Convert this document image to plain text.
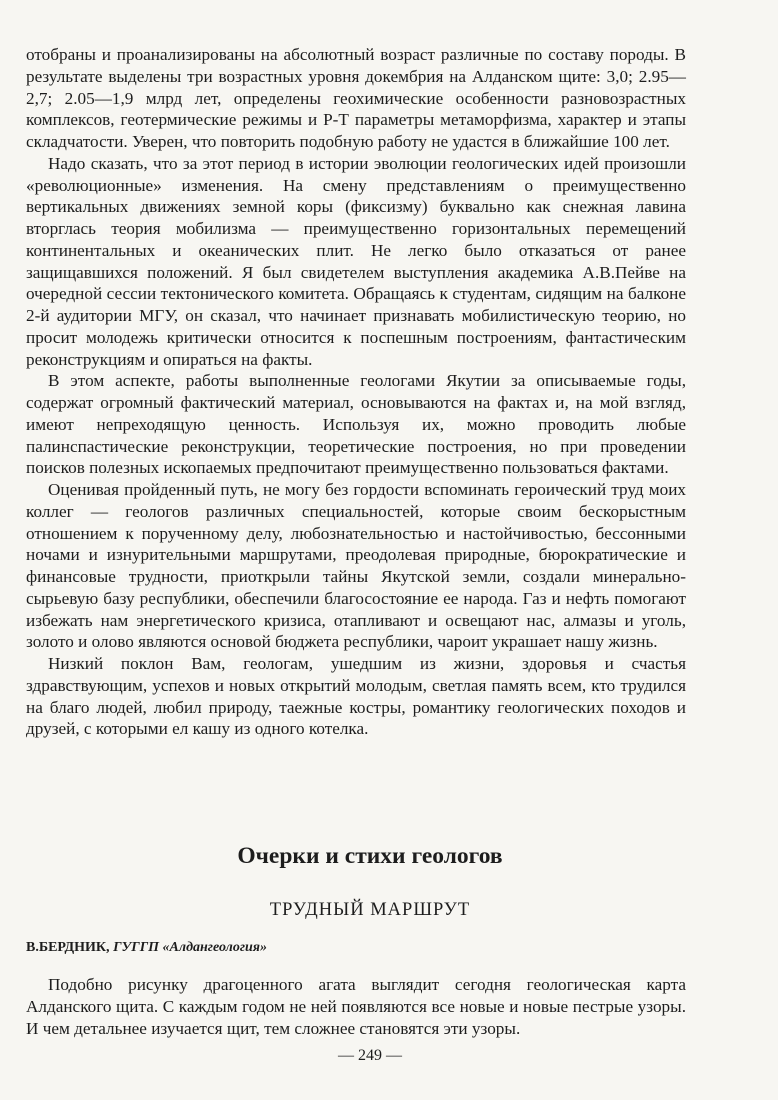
отобраны и проанализированы на абсолютный возраст различные по составу породы. В результате выделены три возрастных уровня докембрия на Алданском щите: 3,0; 2.95—2,7; 2.05—1,9 млрд лет, определены геохимические особенности разновозрастных комплексов, геотермические режимы и Р-Т параметры метаморфизма, характер и этапы складчатости. Уверен, что повторить подобную работу не удастся в ближайшие 100 лет.

Надо сказать, что за этот период в истории эволюции геологических идей произошли «революционные» изменения. На смену представлениям о преимущественно вертикальных движениях земной коры (фиксизму) буквально как снежная лавина вторглась теория мобилизма — преимущественно горизонтальных перемещений континентальных и океанических плит. Не легко было отказаться от ранее защищавшихся положений. Я был свидетелем выступления академика А.В.Пейве на очередной сессии тектонического комитета. Обращаясь к студентам, сидящим на балконе 2-й аудитории МГУ, он сказал, что начинает признавать мобилистическую теорию, но просит молодежь критически относится к поспешным построениям, фантастическим реконструкциям и опираться на факты.

В этом аспекте, работы выполненные геологами Якутии за описываемые годы, содержат огромный фактический материал, основываются на фактах и, на мой взгляд, имеют непреходящую ценность. Используя их, можно проводить любые палинспастические реконструкции, теоретические построения, но при проведении поисков полезных ископаемых предпочитают преимущественно пользоваться фактами.

Оценивая пройденный путь, не могу без гордости вспоминать героический труд моих коллег — геологов различных специальностей, которые своим бескорыстным отношением к порученному делу, любознательностью и настойчивостью, бессонными ночами и изнурительными маршрутами, преодолевая природные, бюрократические и финансовые трудности, приоткрыли тайны Якутской земли, создали минерально-сырьевую базу республики, обеспечили благосостояние ее народа. Газ и нефть помогают избежать нам энергетического кризиса, отапливают и освещают нас, алмазы и уголь, золото и олово являются основой бюджета республики, чароит украшает нашу жизнь.

Низкий поклон Вам, геологам, ушедшим из жизни, здоровья и счастья здравствующим, успехов и новых открытий молодым, светлая память всем, кто трудился на благо людей, любил природу, таежные костры, романтику геологических походов и друзей, с которыми ел кашу из одного котелка.

Очерки и стихи геологов
ТРУДНЫЙ МАРШРУТ
В.БЕРДНИК, ГУГГП «Алдангеология»

Подобно рисунку драгоценного агата выглядит сегодня геологическая карта Алданского щита. С каждым годом не ней появляются все новые и новые пестрые узоры. И чем детальнее изучается щит, тем сложнее становятся эти узоры.

— 249 —
